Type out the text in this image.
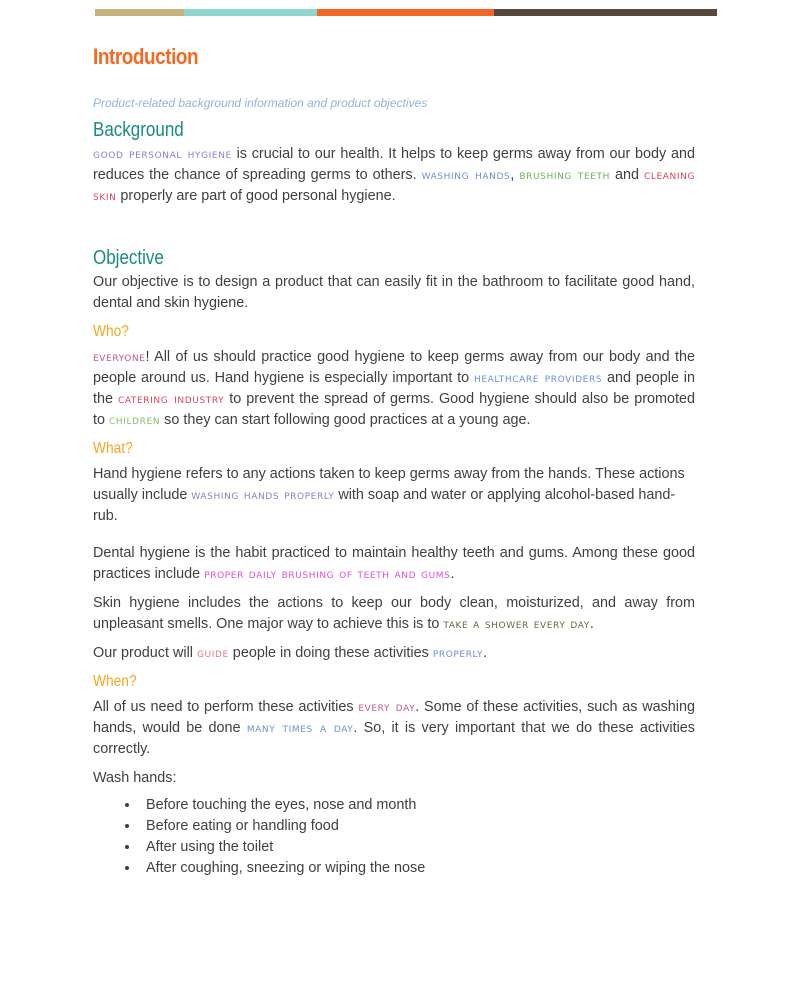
Introduction
Product-related background information and product objectives
Background

good personal hygiene is crucial to our health. It helps to keep germs away from our body and reduces the chance of spreading germs to others. washing hands, brushing teeth and cleaning skin properly are part of good personal hygiene.

Objective

Our objective is to design a product that can easily fit in the bathroom to facilitate good hand, dental and skin hygiene.

Who?

everyone! All of us should practice good hygiene to keep germs away from our body and the people around us. Hand hygiene is especially important to healthcare providers and people in the catering industry to prevent the spread of germs. Good hygiene should also be promoted to children so they can start following good practices at a young age.

What?

Hand hygiene refers to any actions taken to keep germs away from the hands. These actions usually include washing hands properly with soap and water or applying alcohol-based hand-rub.

Dental hygiene is the habit practiced to maintain healthy teeth and gums. Among these good practices include proper daily brushing of teeth and gums.

Skin hygiene includes the actions to keep our body clean, moisturized, and away from unpleasant smells. One major way to achieve this is to take a shower every day.

Our product will guide people in doing these activities properly.

When?

All of us need to perform these activities every day. Some of these activities, such as washing hands, would be done many times a day. So, it is very important that we do these activities correctly.

Wash hands:

• Before touching the eyes, nose and month
• Before eating or handling food
• After using the toilet
• After coughing, sneezing or wiping the nose
